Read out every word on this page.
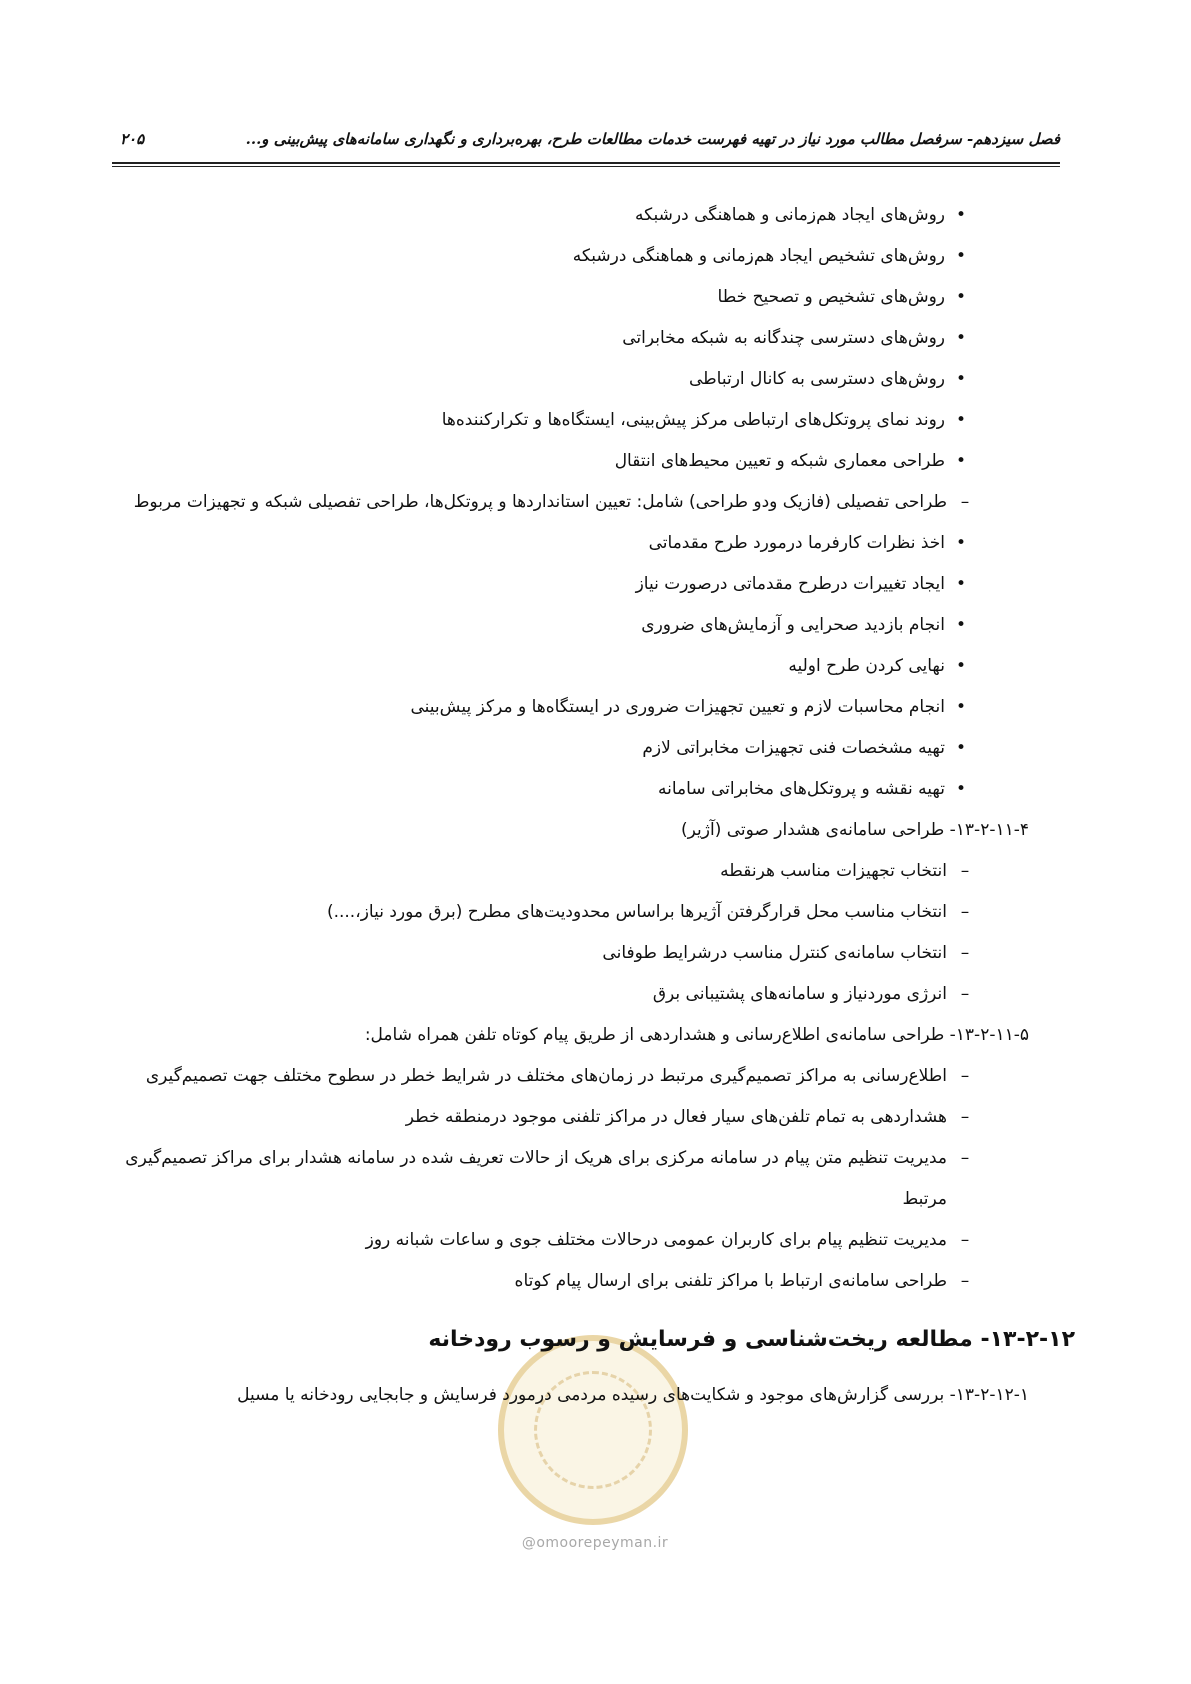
فصل سیزدهم- سرفصل مطالب مورد نیاز در تهیه فهرست خدمات مطالعات طرح، بهره‌برداری و نگهداری سامانه‌های پیش‌بینی و...
۲۰۵
@omoorepeyman.ir
•روش‌های ایجاد هم‌زمانی و هماهنگی درشبکه
•روش‌های تشخیص ایجاد هم‌زمانی و هماهنگی درشبکه
•روش‌های تشخیص و تصحیح خطا
•روش‌های دسترسی چندگانه به شبکه مخابراتی
•روش‌های دسترسی به کانال ارتباطی
•روند نمای پروتکل‌های ارتباطی مرکز پیش‌بینی، ایستگاه‌ها و تکرارکننده‌ها
•طراحی معماری شبکه و تعیین محیط‌های انتقال
–طراحی تفصیلی (فازیک ودو طراحی) شامل: تعیین استانداردها و پروتکل‌ها، طراحی تفصیلی شبکه و تجهیزات مربوط
•اخذ نظرات کارفرما درمورد طرح مقدماتی
•ایجاد تغییرات درطرح مقدماتی درصورت نیاز
•انجام بازدید صحرایی و آزمایش‌های ضروری
•نهایی کردن طرح اولیه
•انجام محاسبات لازم و تعیین تجهیزات ضروری در ایستگاه‌ها و مرکز پیش‌بینی
•تهیه مشخصات فنی تجهیزات مخابراتی لازم
•تهیه نقشه و پروتکل‌های مخابراتی سامانه
۱۳-۲-۱۱-۴- طراحی سامانه‌ی هشدار صوتی (آژیر)
–انتخاب تجهیزات مناسب هرنقطه
–انتخاب مناسب محل قرارگرفتن آژیرها براساس محدودیت‌های مطرح (برق مورد نیاز،....)
–انتخاب سامانه‌ی کنترل مناسب درشرایط طوفانی
–انرژی موردنیاز و سامانه‌های پشتیبانی برق
۱۳-۲-۱۱-۵- طراحی سامانه‌ی اطلاع‌رسانی و هشداردهی از طریق پیام کوتاه تلفن همراه شامل:
–اطلاع‌رسانی به مراکز تصمیم‌گیری مرتبط در زمان‌های مختلف در شرایط خطر در سطوح مختلف جهت تصمیم‌گیری
–هشداردهی به تمام تلفن‌های سیار فعال در مراکز تلفنی موجود درمنطقه خطر
–مدیریت تنظیم متن پیام در سامانه مرکزی برای هریک از حالات تعریف شده در سامانه هشدار برای مراکز تصمیم‌گیری
مرتبط
–مدیریت تنظیم پیام برای کاربران عمومی درحالات مختلف جوی و ساعات شبانه روز
–طراحی سامانه‌ی ارتباط با مراکز تلفنی برای ارسال پیام کوتاه
۱۳-۲-۱۲- مطالعه ریخت‌شناسی و فرسایش و رسوب رودخانه
۱۳-۲-۱۲-۱- بررسی گزارش‌های موجود و شکایت‌های رسیده مردمی درمورد فرسایش و جابجایی رودخانه یا مسیل
